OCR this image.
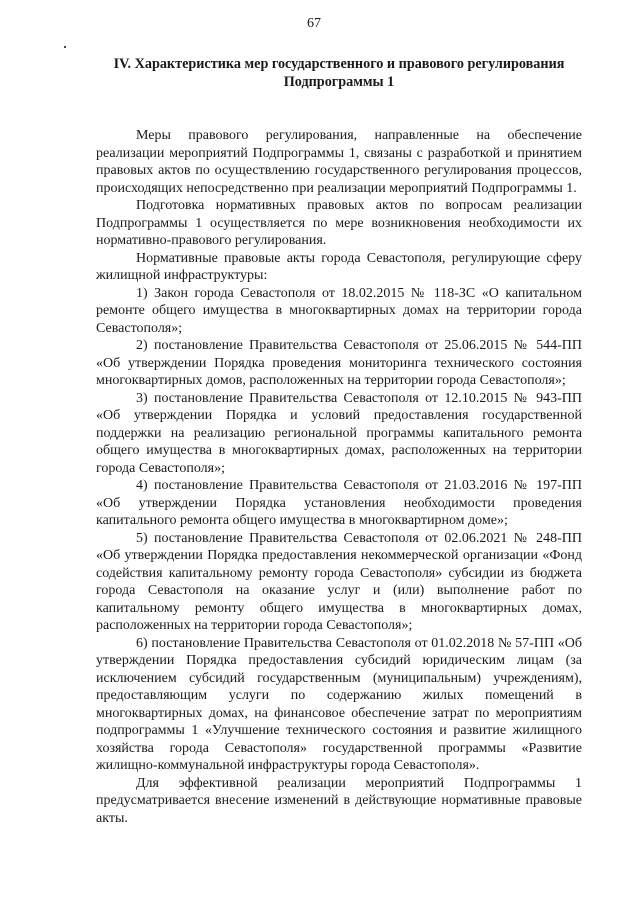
67
IV. Характеристика мер государственного и правового регулирования
Подпрограммы 1

Меры правового регулирования, направленные на обеспечение реализации мероприятий Подпрограммы 1, связаны с разработкой и принятием правовых актов по осуществлению государственного регулирования процессов, происходящих непосредственно при реализации мероприятий Подпрограммы 1.

Подготовка нормативных правовых актов по вопросам реализации Подпрограммы 1 осуществляется по мере возникновения необходимости их нормативно-правового регулирования.

Нормативные правовые акты города Севастополя, регулирующие сферу жилищной инфраструктуры:

1) Закон города Севастополя от 18.02.2015 № 118-ЗС «О капитальном ремонте общего имущества в многоквартирных домах на территории города Севастополя»;

2) постановление Правительства Севастополя от 25.06.2015 № 544-ПП «Об утверждении Порядка проведения мониторинга технического состояния многоквартирных домов, расположенных на территории города Севастополя»;

3) постановление Правительства Севастополя от 12.10.2015 № 943-ПП «Об утверждении Порядка и условий предоставления государственной поддержки на реализацию региональной программы капитального ремонта общего имущества в многоквартирных домах, расположенных на территории города Севастополя»;

4) постановление Правительства Севастополя от 21.03.2016 № 197-ПП «Об утверждении Порядка установления необходимости проведения капитального ремонта общего имущества в многоквартирном доме»;

5) постановление Правительства Севастополя от 02.06.2021 № 248-ПП «Об утверждении Порядка предоставления некоммерческой организации «Фонд содействия капитальному ремонту города Севастополя» субсидии из бюджета города Севастополя на оказание услуг и (или) выполнение работ по капитальному ремонту общего имущества в многоквартирных домах, расположенных на территории города Севастополя»;

6) постановление Правительства Севастополя от 01.02.2018 № 57-ПП «Об утверждении Порядка предоставления субсидий юридическим лицам (за исключением субсидий государственным (муниципальным) учреждениям), предоставляющим услуги по содержанию жилых помещений в многоквартирных домах, на финансовое обеспечение затрат по мероприятиям подпрограммы 1 «Улучшение технического состояния и развитие жилищного хозяйства города Севастополя» государственной программы «Развитие жилищно-коммунальной инфраструктуры города Севастополя».

Для эффективной реализации мероприятий Подпрограммы 1 предусматривается внесение изменений в действующие нормативные правовые акты.
